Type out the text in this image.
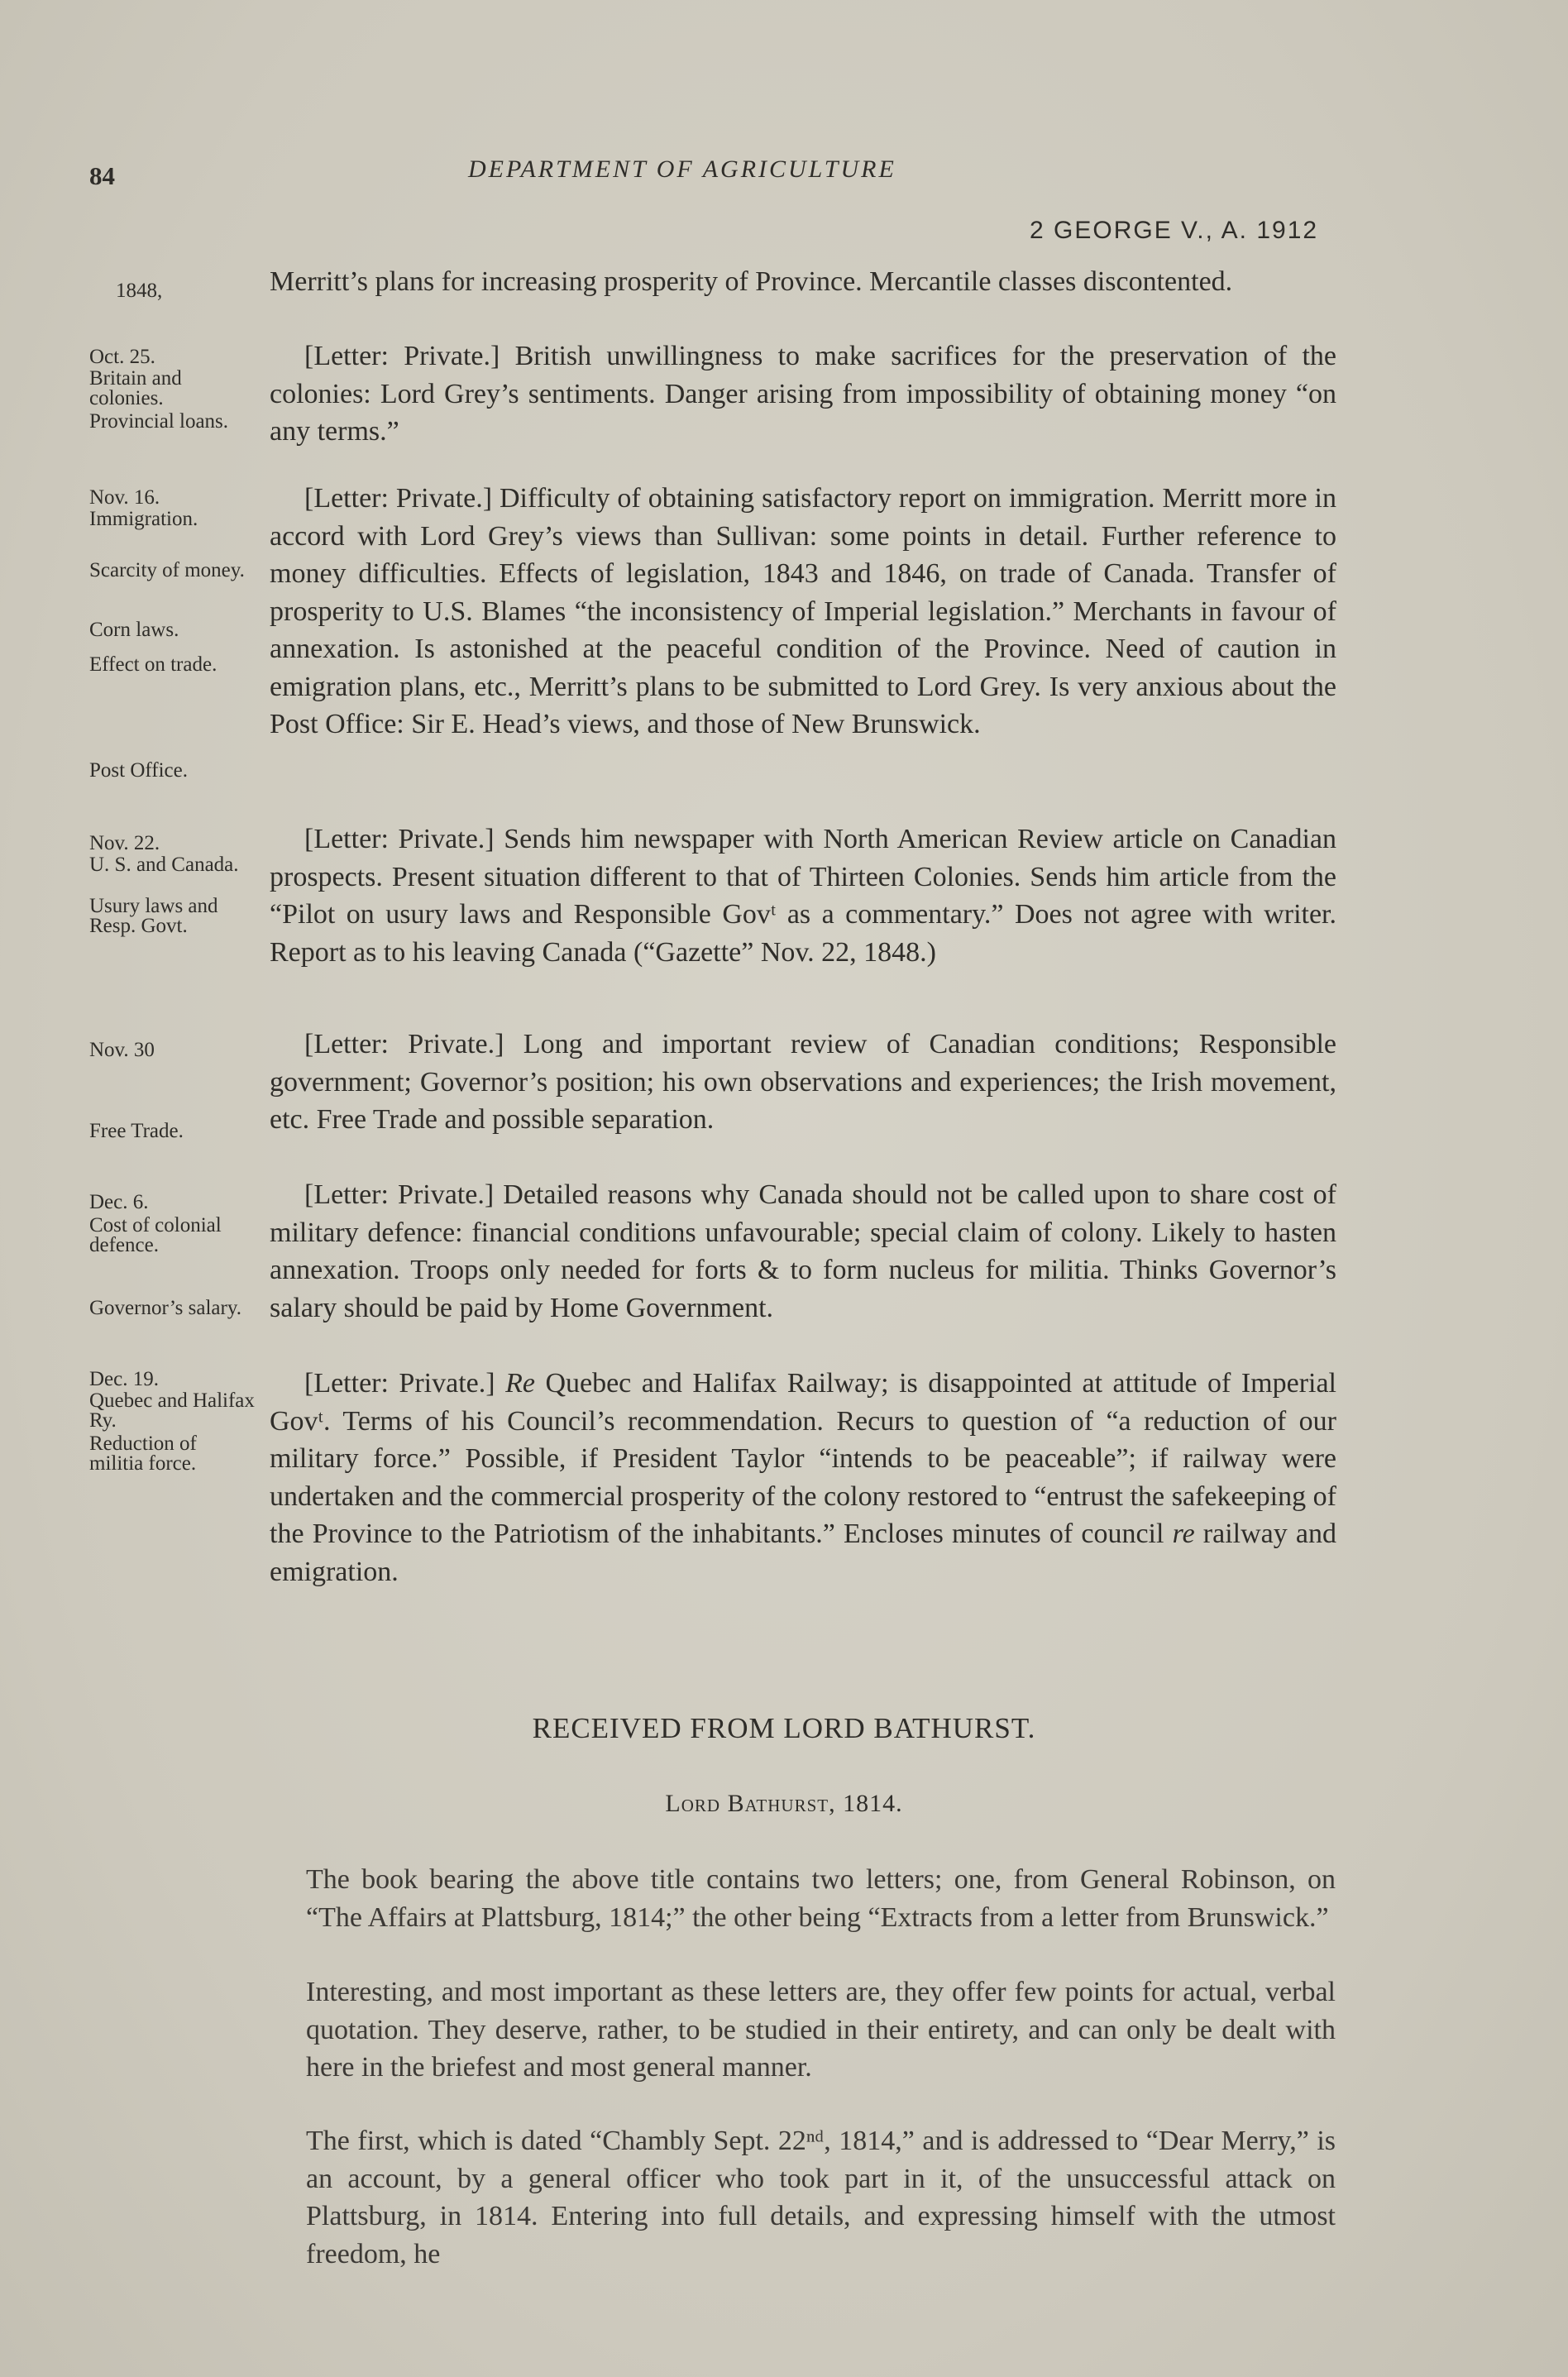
84	DEPARTMENT OF AGRICULTURE
2 GEORGE V., A. 1912
1848,	Merritt’s plans for increasing prosperity of Province. Mercantile classes discontented.
Oct. 25.
Britain and colonies.
Provincial loans.
[Letter: Private.] British unwillingness to make sacrifices for the preservation of the colonies: Lord Grey’s sentiments. Danger arising from impossibility of obtaining money “on any terms.”
Nov. 16.
Immigration.
Scarcity of money.
Corn laws.
Effect on trade.
Post Office.
[Letter: Private.] Difficulty of obtaining satisfactory report on immigration. Merritt more in accord with Lord Grey’s views than Sullivan: some points in detail. Further reference to money difficulties. Effects of legislation, 1843 and 1846, on trade of Canada. Transfer of prosperity to U.S. Blames “the inconsistency of Imperial legislation.” Merchants in favour of annexation. Is astonished at the peaceful condition of the Province. Need of caution in emigration plans, etc., Merritt’s plans to be submitted to Lord Grey. Is very anxious about the Post Office: Sir E. Head’s views, and those of New Brunswick.
Nov. 22.
U. S. and Canada.
Usury laws and Resp. Govt.
[Letter: Private.] Sends him newspaper with North American Review article on Canadian prospects. Present situation different to that of Thirteen Colonies. Sends him article from the “Pilot on usury laws and Responsible Govᵗ as a commentary.” Does not agree with writer. Report as to his leaving Canada (“Gazette” Nov. 22, 1848.)
Nov. 30
Free Trade.
[Letter: Private.] Long and important review of Canadian conditions; Responsible government; Governor’s position; his own observations and experiences; the Irish movement, etc. Free Trade and possible separation.
Dec. 6.
Cost of colonial defence.
Governor’s salary.
[Letter: Private.] Detailed reasons why Canada should not be called upon to share cost of military defence: financial conditions unfavourable; special claim of colony. Likely to hasten annexation. Troops only needed for forts & to form nucleus for militia. Thinks Governor’s salary should be paid by Home Government.
Dec. 19.
Quebec and Halifax Ry.
Reduction of militia force.
[Letter: Private.] Re Quebec and Halifax Railway; is disappointed at attitude of Imperial Govᵗ. Terms of his Council’s recommendation. Recurs to question of “a reduction of our military force.” Possible, if President Taylor “intends to be peaceable”; if railway were undertaken and the commercial prosperity of the colony restored to “entrust the safekeeping of the Province to the Patriotism of the inhabitants.” Encloses minutes of council re railway and emigration.
RECEIVED FROM LORD BATHURST.
Lord Bathurst, 1814.
The book bearing the above title contains two letters; one, from General Robinson, on “The Affairs at Plattsburg, 1814;” the other being “Extracts from a letter from Brunswick.”
Interesting, and most important as these letters are, they offer few points for actual, verbal quotation. They deserve, rather, to be studied in their entirety, and can only be dealt with here in the briefest and most general manner.
The first, which is dated “Chambly Sept. 22ⁿᵈ, 1814,” and is addressed to “Dear Merry,” is an account, by a general officer who took part in it, of the unsuccessful attack on Plattsburg, in 1814. Entering into full details, and expressing himself with the utmost freedom, he
